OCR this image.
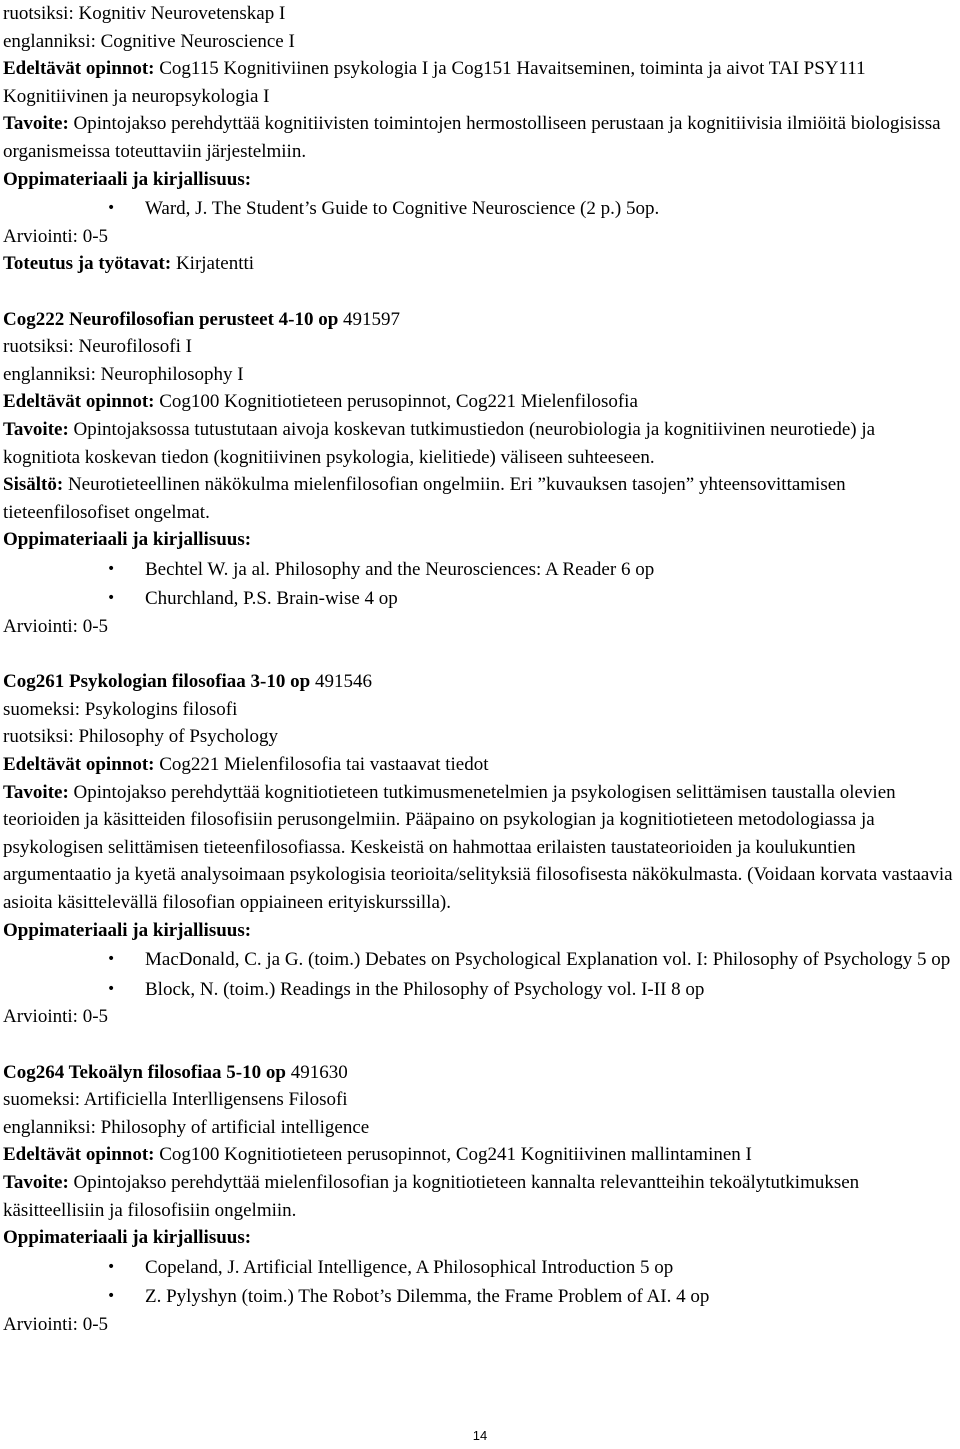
ruotsiksi: Kognitiv Neurovetenskap I
englanniksi: Cognitive Neuroscience I
Edeltävät opinnot: Cog115 Kognitiviinen psykologia I ja Cog151 Havaitseminen, toiminta ja aivot TAI PSY111 Kognitiivinen ja neuropsykologia I
Tavoite: Opintojakso perehdyttää kognitiivisten toimintojen hermostolliseen perustaan ja kognitiivisia ilmiöitä biologisissa organismeissa toteuttaviin järjestelmiin.
Oppimateriaali ja kirjallisuus:
• Ward, J. The Student’s Guide to Cognitive Neuroscience (2 p.) 5op.
Arviointi: 0-5
Toteutus ja työtavat: Kirjatentti
Cog222 Neurofilosofian perusteet 4-10 op 491597
ruotsiksi: Neurofilosofi I
englanniksi: Neurophilosophy I
Edeltävät opinnot: Cog100 Kognitiotieteen perusopinnot, Cog221 Mielenfilosofia
Tavoite: Opintojaksossa tutustutaan aivoja koskevan tutkimustiedon (neurobiologia ja kognitiivinen neurotiede) ja kognitiota koskevan tiedon (kognitiivinen psykologia, kielitiede) väliseen suhteeseen.
Sisältö: Neurotieteellinen näkökulma mielenfilosofian ongelmiin. Eri ”kuvauksen tasojen” yhteensovittamisen tieteenfilosofiset ongelmat.
Oppimateriaali ja kirjallisuus:
• Bechtel W. ja al. Philosophy and the Neurosciences: A Reader 6 op
• Churchland, P.S. Brain-wise 4 op
Arviointi: 0-5
Cog261 Psykologian filosofiaa 3-10 op 491546
suomeksi: Psykologins filosofi
ruotsiksi: Philosophy of Psychology
Edeltävät opinnot: Cog221 Mielenfilosofia tai vastaavat tiedot
Tavoite: Opintojakso perehdyttää kognitiotieteen tutkimusmenetelmien ja psykologisen selittämisen taustalla olevien teorioiden ja käsitteiden filosofisiin perusongelmiin. Pääpaino on psykologian ja kognitiotieteen metodologiassa ja psykologisen selittämisen tieteenfilosofiassa. Keskeistä on hahmottaa erilaisten taustateorioiden ja koulukuntien argumentaatio ja kyetä analysoimaan psykologisia teorioita/selityksiä filosofisesta näkökulmasta. (Voidaan korvata vastaavia asioita käsittelevällä filosofian oppiaineen erityiskurssilla).
Oppimateriaali ja kirjallisuus:
• MacDonald, C. ja G. (toim.) Debates on Psychological Explanation vol. I: Philosophy of Psychology 5 op
• Block, N. (toim.) Readings in the Philosophy of Psychology vol. I-II 8 op
Arviointi: 0-5
Cog264 Tekoälyn filosofiaa 5-10 op 491630
suomeksi: Artificiella Interlligensens Filosofi
englanniksi: Philosophy of artificial intelligence
Edeltävät opinnot: Cog100 Kognitiotieteen perusopinnot, Cog241 Kognitiivinen mallintaminen I
Tavoite: Opintojakso perehdyttää mielenfilosofian ja kognitiotieteen kannalta relevantteihin tekoälytutkimuksen käsitteellisiin ja filosofisiin ongelmiin.
Oppimateriaali ja kirjallisuus:
• Copeland, J. Artificial Intelligence, A Philosophical Introduction 5 op
• Z. Pylyshyn (toim.) The Robot’s Dilemma, the Frame Problem of AI. 4 op
Arviointi: 0-5
14
